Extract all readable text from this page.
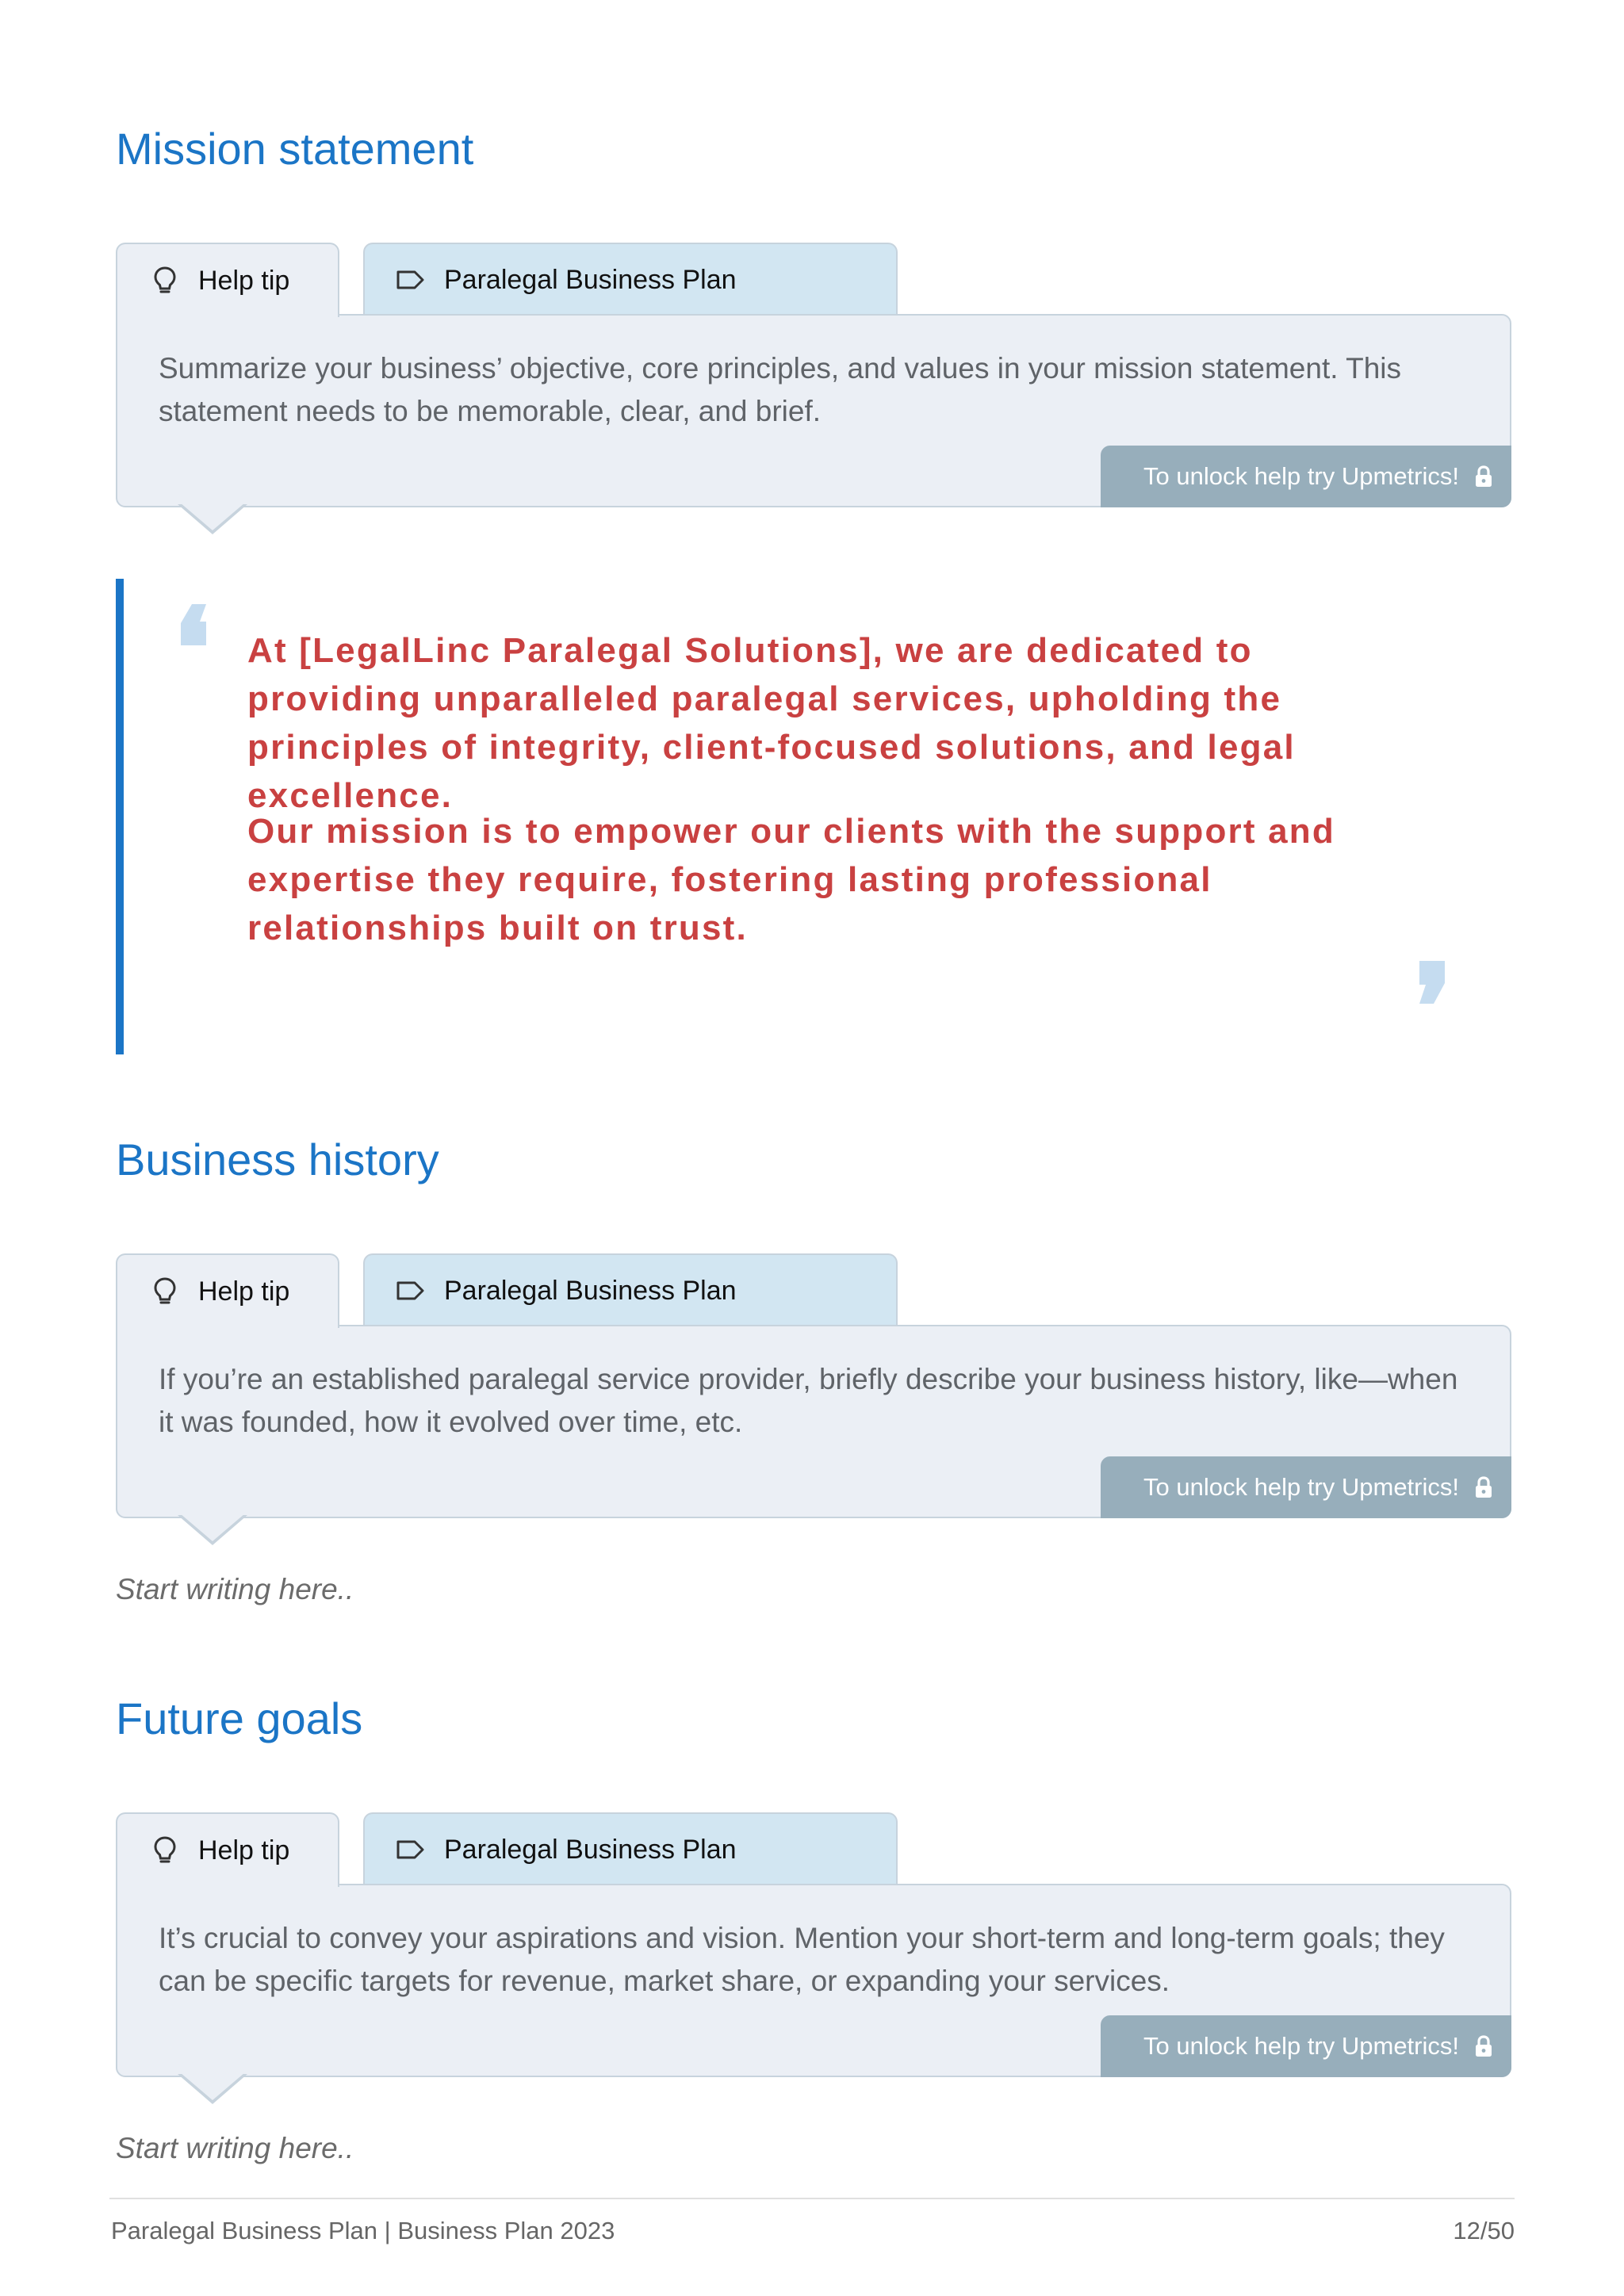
Mission statement
Help tip	Paralegal Business Plan

Summarize your business’ objective, core principles, and values in your mission statement. This statement needs to be memorable, clear, and brief.

To unlock help try Upmetrics!

At [LegalLinc Paralegal Solutions], we are dedicated to providing unparalleled paralegal services, upholding the principles of integrity, client-focused solutions, and legal excellence.

Our mission is to empower our clients with the support and expertise they require, fostering lasting professional relationships built on trust.

Business history
Help tip	Paralegal Business Plan

If you’re an established paralegal service provider, briefly describe your business history, like—when it was founded, how it evolved over time, etc.

To unlock help try Upmetrics!
Start writing here..
Future goals
Help tip	Paralegal Business Plan

It’s crucial to convey your aspirations and vision. Mention your short-term and long-term goals; they can be specific targets for revenue, market share, or expanding your services.

To unlock help try Upmetrics!
Start writing here..
Paralegal Business Plan | Business Plan 2023	12/50
